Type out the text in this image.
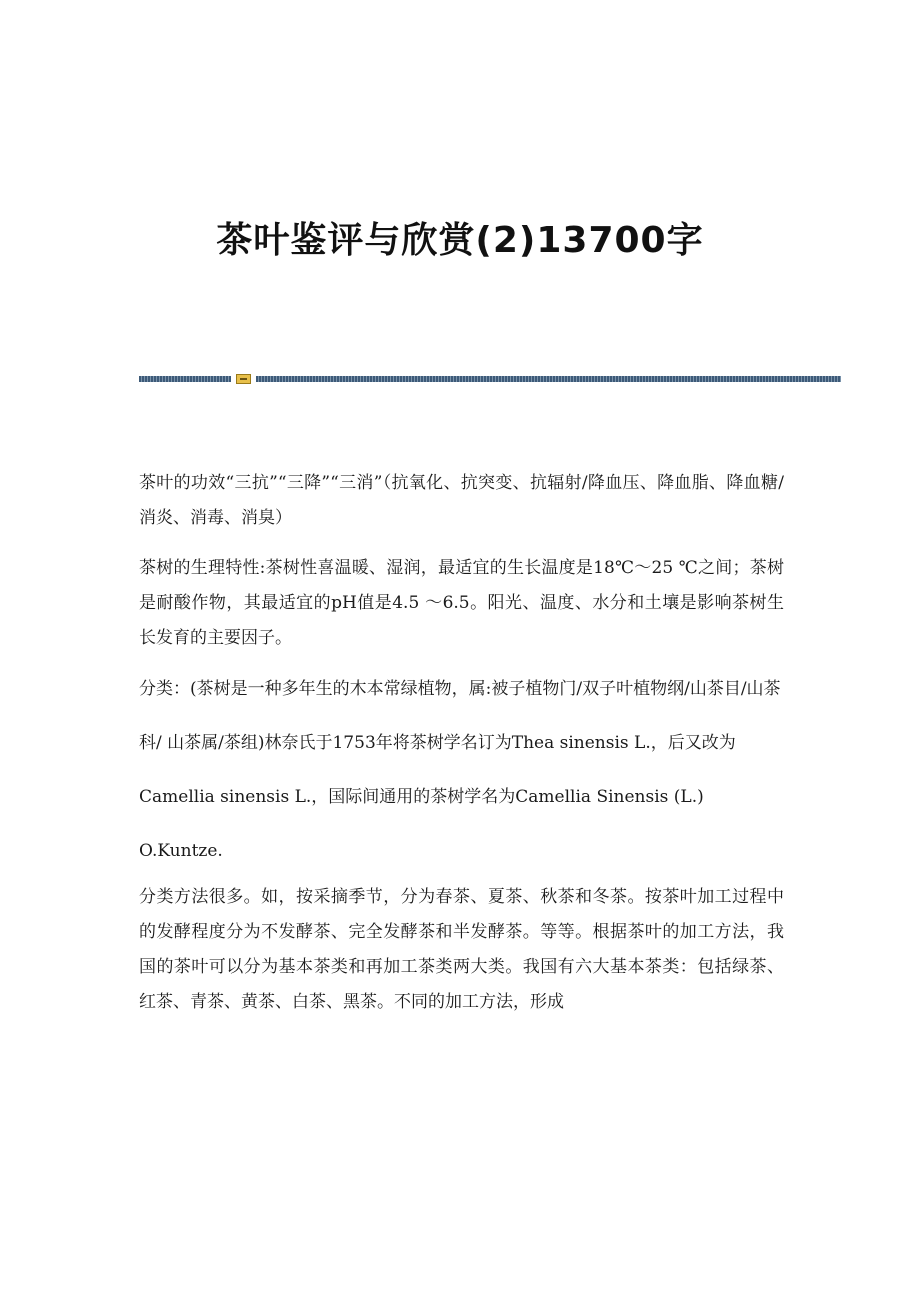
茶叶鉴评与欣赏(2)13700字

茶叶的功效“三抗”“三降”“三消”（抗氧化、抗突变、抗辐射/降血压、降血脂、降血糖/消炎、消毒、消臭）

茶树的生理特性:茶树性喜温暖、湿润，最适宜的生长温度是18℃～25 ℃之间；茶树是耐酸作物，其最适宜的pH值是4.5 ～6.5。阳光、温度、水分和土壤是影响茶树生长发育的主要因子。

分类：(茶树是一种多年生的木本常绿植物，属:被子植物门/双子叶植物纲/山茶目/山茶科/ 山茶属/茶组)林奈氏于1753年将茶树学名订为Thea sinensis L.，后又改为Camellia sinensis L.，国际间通用的茶树学名为Camellia Sinensis (L.) O.Kuntze.

分类方法很多。如，按采摘季节，分为春茶、夏茶、秋茶和冬茶。按茶叶加工过程中的发酵程度分为不发酵茶、完全发酵茶和半发酵茶。等等。根据茶叶的加工方法，我国的茶叶可以分为基本茶类和再加工茶类两大类。我国有六大基本茶类：包括绿茶、红茶、青茶、黄茶、白茶、黑茶。不同的加工方法，形成
